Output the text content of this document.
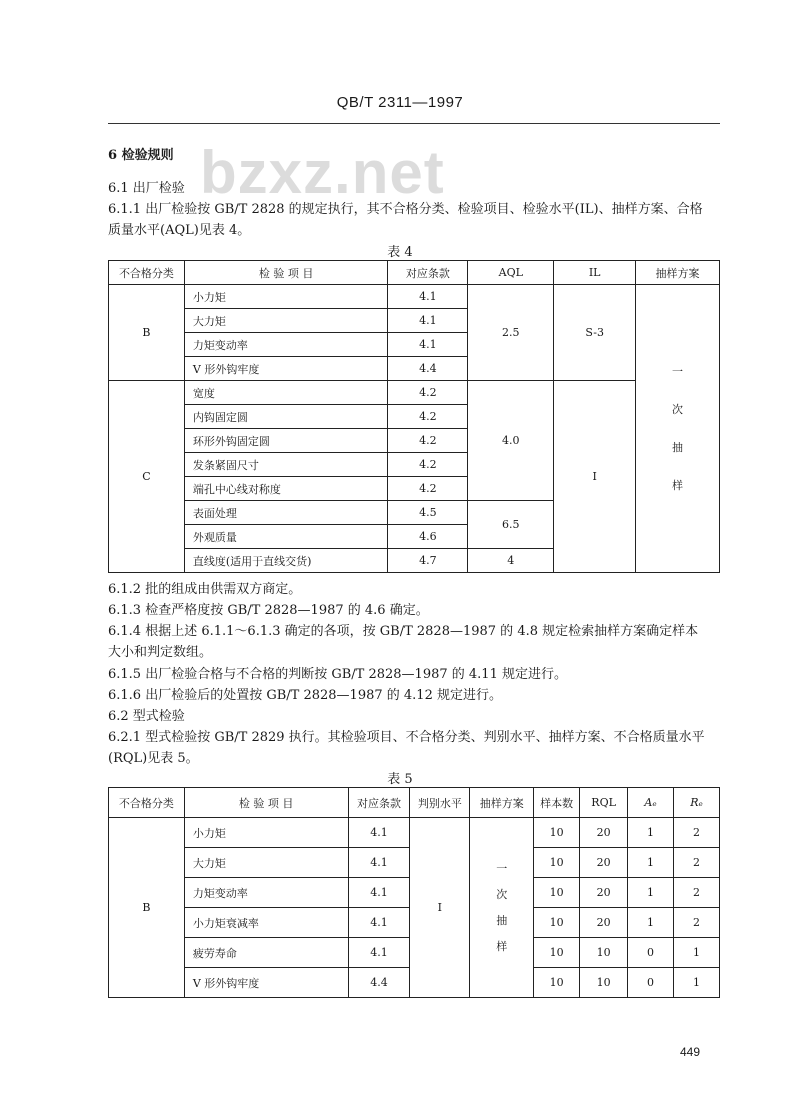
QB/T 2311—1997
bzxz.net
6 检验规则
6.1 出厂检验
6.1.1 出厂检验按 GB/T 2828 的规定执行，其不合格分类、检验项目、检验水平(IL)、抽样方案、合格
质量水平(AQL)见表 4。
表 4
不合格分类	检 验 项 目	对应条款	AQL	IL	抽样方案
B	小力矩	4.1	2.5	S-3	一
次
抽
样

	大力矩	4.1			
	力矩变动率	4.1			
	V 形外钩牢度	4.4			
C	宽度	4.2	4.0	I	
	内钩固定圆	4.2			
	环形外钩固定圆	4.2			
	发条紧固尺寸	4.2			
	端孔中心线对称度	4.2			
	表面处理	4.5	6.5		
	外观质量	4.6			
	直线度(适用于直线交货)	4.7	4		
6.1.2 批的组成由供需双方商定。
6.1.3 检查严格度按 GB/T 2828—1987 的 4.6 确定。
6.1.4 根据上述 6.1.1～6.1.3 确定的各项，按 GB/T 2828—1987 的 4.8 规定检索抽样方案确定样本
大小和判定数组。
6.1.5 出厂检验合格与不合格的判断按 GB/T 2828—1987 的 4.11 规定进行。
6.1.6 出厂检验后的处置按 GB/T 2828—1987 的 4.12 规定进行。
6.2 型式检验
6.2.1 型式检验按 GB/T 2829 执行。其检验项目、不合格分类、判别水平、抽样方案、不合格质量水平
(RQL)见表 5。
表 5
不合格分类	检 验 项 目	对应条款	判别水平	抽样方案	样本数	RQL	Aₑ	Rₑ
B	小力矩	4.1	I	一
次
抽
样	10	20	1	2
	大力矩	4.1			10	20	1	2
	力矩变动率	4.1			10	20	1	2
	小力矩衰减率	4.1			10	20	1	2
	疲劳寿命	4.1			10	10	0	1
	V 形外钩牢度	4.4			10	10	0	1
449
